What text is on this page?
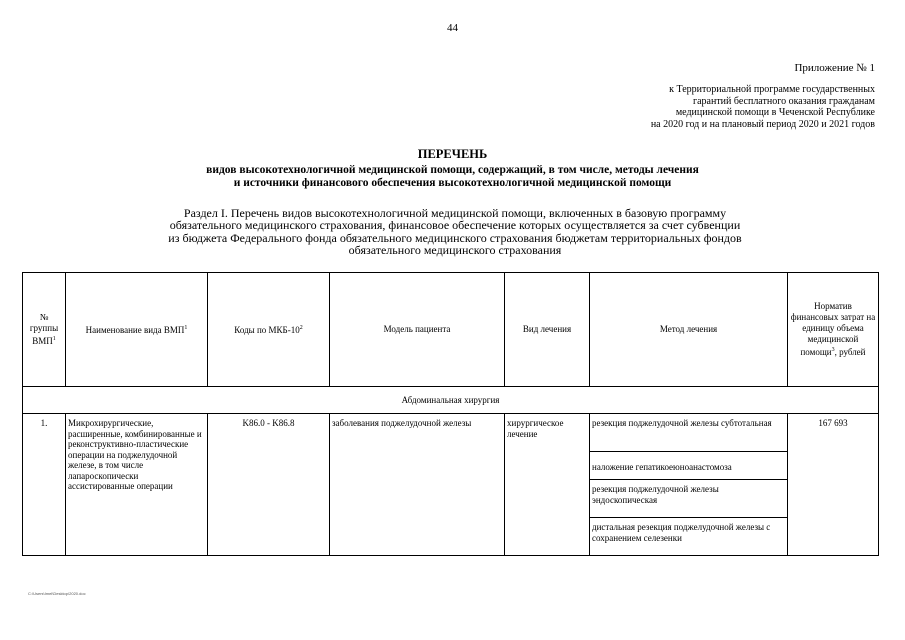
44
Приложение № 1
к Территориальной программе государственных
гарантий бесплатного оказания гражданам
медицинской помощи в Чеченской Республике
на 2020 год и на плановый период 2020 и 2021 годов
ПЕРЕЧЕНЬ
видов высокотехнологичной медицинской помощи, содержащий, в том числе, методы лечения
и источники финансового обеспечения высокотехнологичной медицинской помощи
Раздел I. Перечень видов высокотехнологичной медицинской помощи, включенных в базовую программу
обязательного медицинского страхования, финансовое обеспечение которых осуществляется за счет субвенции
из бюджета Федерального фонда обязательного медицинского страхования бюджетам территориальных фондов
обязательного медицинского страхования
№ группы ВМП$^1$	Наименование вида ВМП$^1$	Коды по МКБ-$10^2$	Модель пациента	Вид лечения	Метод лечения	Норматив финансовых затрат на единицу объема медицинской помощи$^3$, рублей
Абдоминальная хирургия						
1.	Микрохирургические, расширенные, комбинированные и реконструктивно-пластические операции на поджелудочной железе, в том числе лапароскопически ассистированные операции	K86.0 - K86.8	заболевания поджелудочной железы	хирургическое лечение	резекция поджелудочной железы субтотальная	167 693
					наложение гепатикоеюноанастомоза	
					резекция поджелудочной железы эндоскопическая	
					дистальная резекция поджелудочной железы с сохранением селезенки	
C:\Users\Imel\Desktop\2020.doc
